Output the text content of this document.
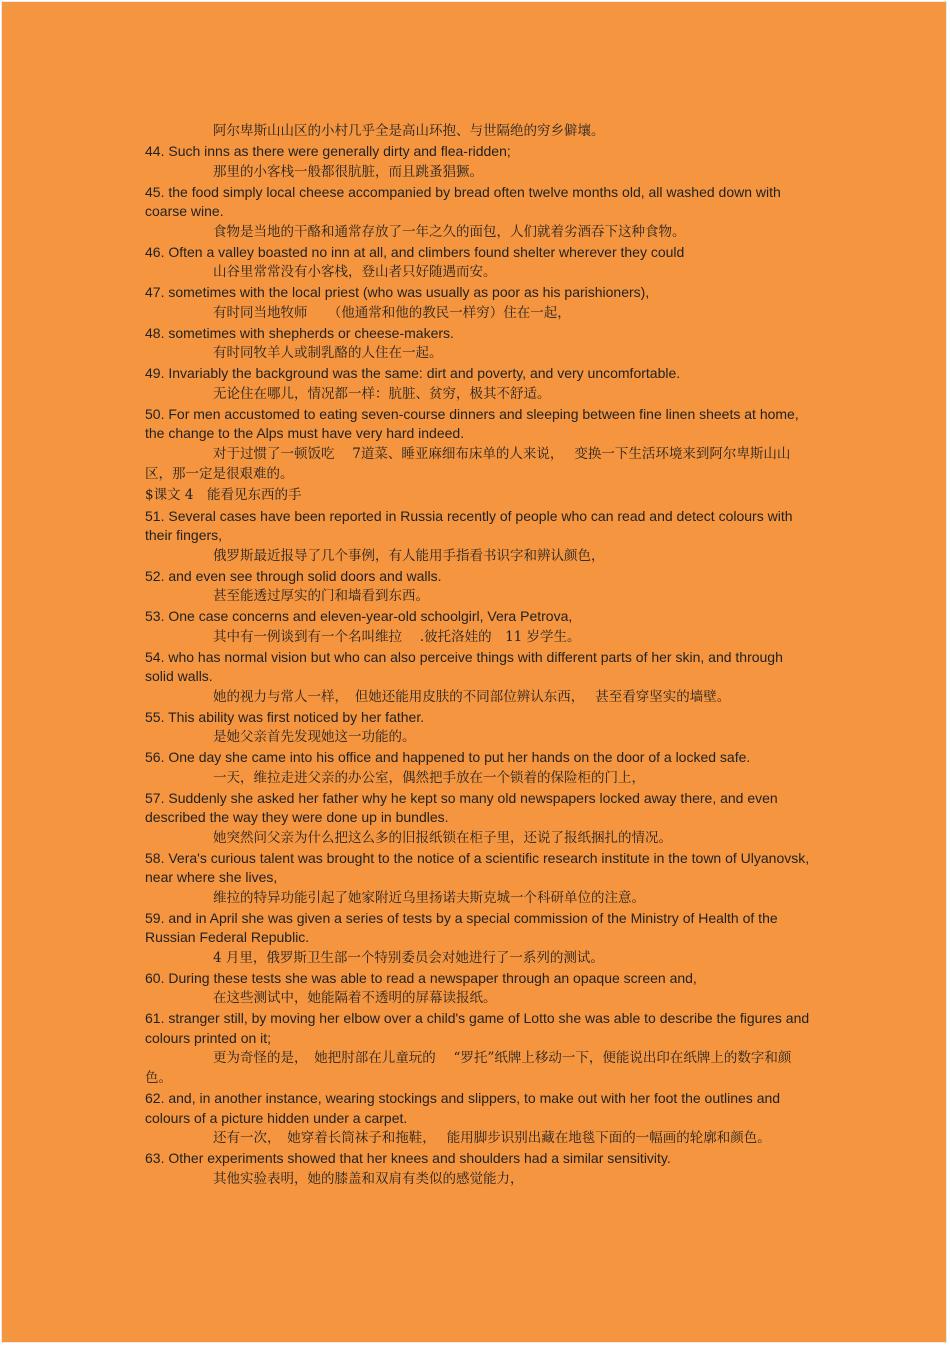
阿尔卑斯山山区的小村几乎全是高山环抱、与世隔绝的穷乡僻壤。

44. Such inns as there were generally dirty and flea-ridden;

那里的小客栈一般都很肮脏，而且跳蚤猖獗。

45. the food simply local cheese accompanied by bread often twelve months old, all washed down with coarse wine.

食物是当地的干酪和通常存放了一年之久的面包，人们就着劣酒吞下这种食物。

46. Often a valley boasted no inn at all, and climbers found shelter wherever they could

山谷里常常没有小客栈，登山者只好随遇而安。

47. sometimes with the local priest (who was usually as poor as his parishioners),

有时同当地牧师　　（他通常和他的教民一样穷）住在一起，

48. sometimes with shepherds or cheese-makers.

有时同牧羊人或制乳酪的人住在一起。

49. Invariably the background was the same: dirt and poverty, and very uncomfortable.

无论住在哪儿，情况都一样：肮脏、贫穷，极其不舒适。

50. For men accustomed to eating seven-course dinners and sleeping between fine linen sheets at home, the change to the Alps must have very hard indeed.

对于过惯了一顿饭吃　 7道菜、睡亚麻细布床单的人来说，　 变换一下生活环境来到阿尔卑斯山山区，那一定是很艰难的。

$课文 4　能看见东西的手

51. Several cases have been reported in Russia recently of people who can read and detect colours with their fingers,

俄罗斯最近报导了几个事例，有人能用手指看书识字和辨认颜色，

52. and even see through solid doors and walls.

甚至能透过厚实的门和墙看到东西。

53. One case concerns and eleven-year-old schoolgirl, Vera Petrova,

其中有一例谈到有一个名叫维拉　 .彼托洛娃的　11 岁学生。

54. who has normal vision but who can also perceive things with different parts of her skin, and through solid walls.

她的视力与常人一样，　但她还能用皮肤的不同部位辨认东西，　 甚至看穿坚实的墙壁。

55. This ability was first noticed by her father.

是她父亲首先发现她这一功能的。

56. One day she came into his office and happened to put her hands on the door of a locked safe.

一天，维拉走进父亲的办公室，偶然把手放在一个锁着的保险柜的门上，

57. Suddenly she asked her father why he kept so many old newspapers locked away there, and even described the way they were done up in bundles.

她突然问父亲为什么把这么多的旧报纸锁在柜子里，还说了报纸捆扎的情况。

58. Vera's curious talent was brought to the notice of a scientific research institute in the town of Ulyanovsk, near where she lives,

维拉的特异功能引起了她家附近乌里扬诺夫斯克城一个科研单位的注意。

59. and in April she was given a series of tests by a special commission of the Ministry of Health of the Russian Federal Republic.

4 月里，俄罗斯卫生部一个特别委员会对她进行了一系列的测试。

60. During these tests she was able to read a newspaper through an opaque screen and,

在这些测试中，她能隔着不透明的屏幕读报纸。

61. stranger still, by moving her elbow over a child's game of Lotto she was able to describe the figures and colours printed on it;

更为奇怪的是，　她把肘部在儿童玩的　 “罗托”纸牌上移动一下，便能说出印在纸牌上的数字和颜色。

62. and, in another instance, wearing stockings and slippers, to make out with her foot the outlines and colours of a picture hidden under a carpet.

还有一次，　她穿着长筒袜子和拖鞋，　 能用脚步识别出藏在地毯下面的一幅画的轮廓和颜色。

63. Other experiments showed that her knees and shoulders had a similar sensitivity.

其他实验表明，她的膝盖和双肩有类似的感觉能力，
